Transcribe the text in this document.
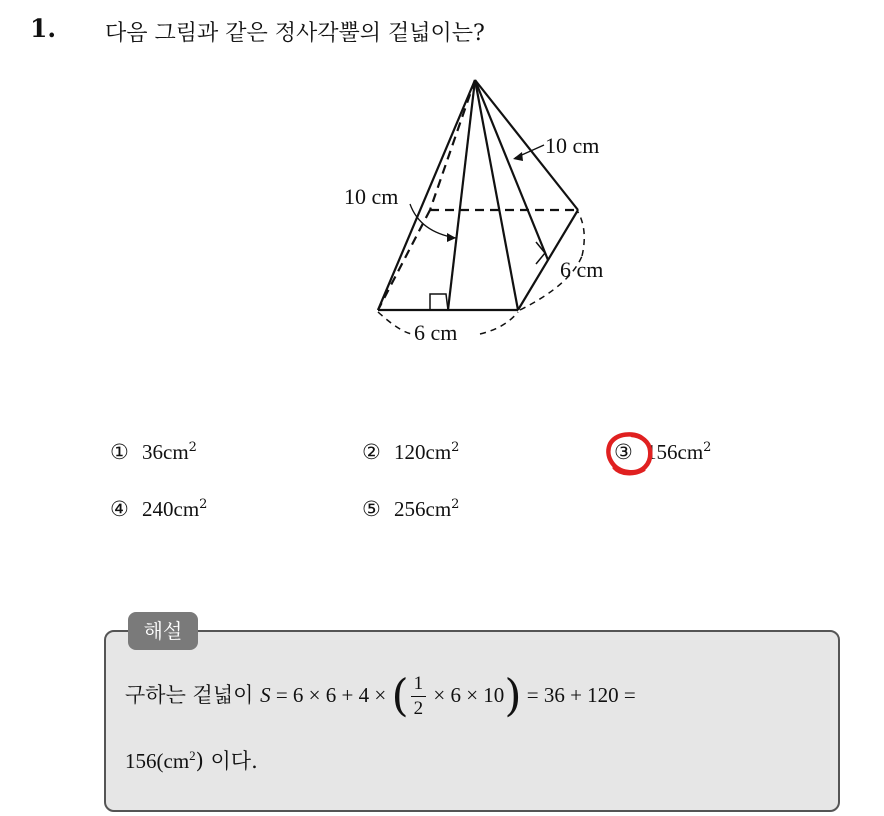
1. 다음 그림과 같은 정사각뿔의 겉넓이는?
10 cm
10 cm
6 cm
6 cm
① $36cm^2$	② $120cm^2$	③ $156cm^2$
④ $240cm^2$	⑤ $256cm^2$
해설
구하는 겉넓이 S = 6 × 6 + 4 × ( $\frac{1}{2} \times 6 \times 10) = 36 + 120$ =
$156(cm^2)$ 이다.
